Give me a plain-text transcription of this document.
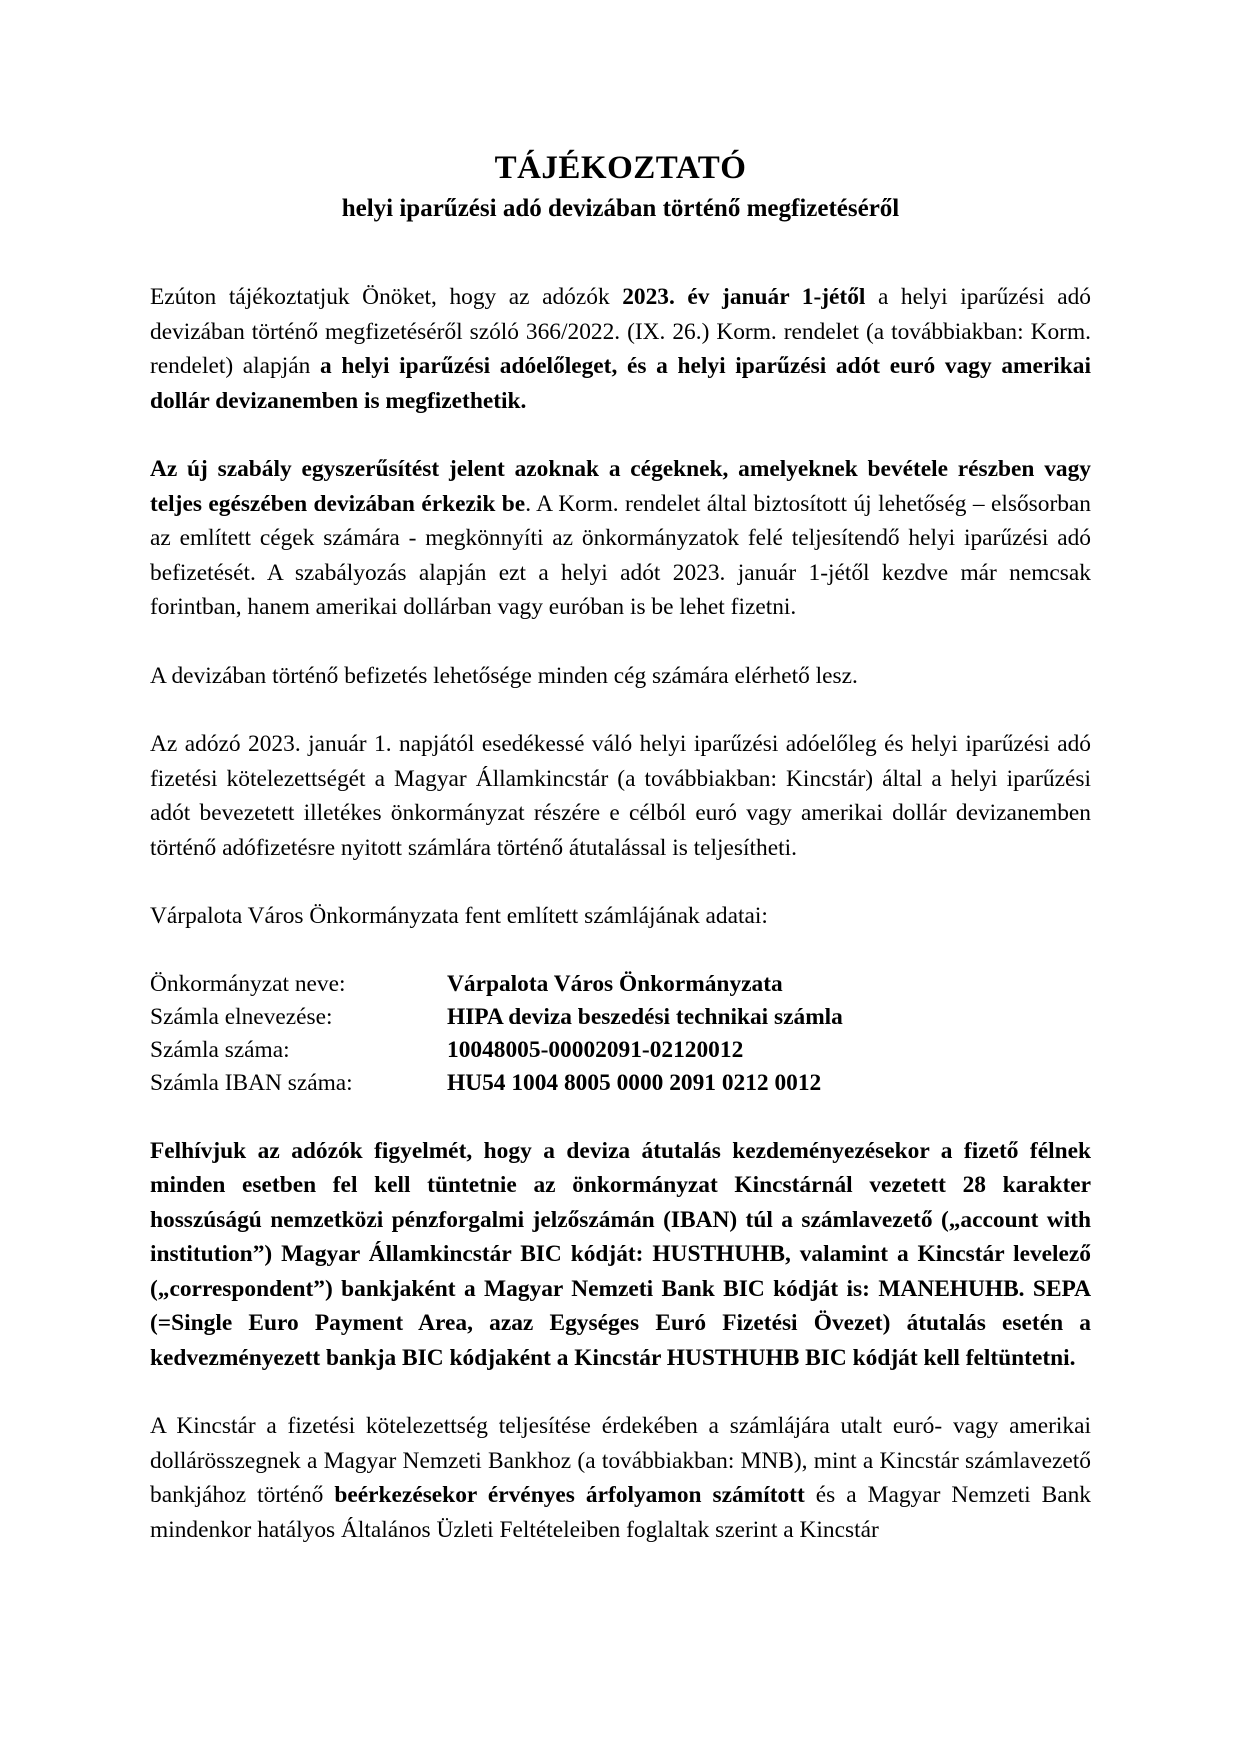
TÁJÉKOZTATÓ
helyi iparűzési adó devizában történő megfizetéséről

Ezúton tájékoztatjuk Önöket, hogy az adózók 2023. év január 1-jétől a helyi iparűzési adó devizában történő megfizetéséről szóló 366/2022. (IX. 26.) Korm. rendelet (a továbbiakban: Korm. rendelet) alapján a helyi iparűzési adóelőleget, és a helyi iparűzési adót euró vagy amerikai dollár devizanemben is megfizethetik.

Az új szabály egyszerűsítést jelent azoknak a cégeknek, amelyeknek bevétele részben vagy teljes egészében devizában érkezik be. A Korm. rendelet által biztosított új lehetőség – elsősorban az említett cégek számára - megkönnyíti az önkormányzatok felé teljesítendő helyi iparűzési adó befizetését. A szabályozás alapján ezt a helyi adót 2023. január 1-jétől kezdve már nemcsak forintban, hanem amerikai dollárban vagy euróban is be lehet fizetni.

A devizában történő befizetés lehetősége minden cég számára elérhető lesz.

Az adózó 2023. január 1. napjától esedékessé váló helyi iparűzési adóelőleg és helyi iparűzési adó fizetési kötelezettségét a Magyar Államkincstár (a továbbiakban: Kincstár) által a helyi iparűzési adót bevezetett illetékes önkormányzat részére e célból euró vagy amerikai dollár devizanemben történő adófizetésre nyitott számlára történő átutalással is teljesítheti.

Várpalota Város Önkormányzata fent említett számlájának adatai:

Önkormányzat neve:	Várpalota Város Önkormányzata
Számla elnevezése:	HIPA deviza beszedési technikai számla
Számla száma:	10048005-00002091-02120012
Számla IBAN száma:	HU54 1004 8005 0000 2091 0212 0012

Felhívjuk az adózók figyelmét, hogy a deviza átutalás kezdeményezésekor a fizető félnek minden esetben fel kell tüntetnie az önkormányzat Kincstárnál vezetett 28 karakter hosszúságú nemzetközi pénzforgalmi jelzőszámán (IBAN) túl a számlavezető („account with institution”) Magyar Államkincstár BIC kódját: HUSTHUHB, valamint a Kincstár levelező („correspondent”) bankjaként a Magyar Nemzeti Bank BIC kódját is: MANEHUHB. SEPA (=Single Euro Payment Area, azaz Egységes Euró Fizetési Övezet) átutalás esetén a kedvezményezett bankja BIC kódjaként a Kincstár HUSTHUHB BIC kódját kell feltüntetni.

A Kincstár a fizetési kötelezettség teljesítése érdekében a számlájára utalt euró- vagy amerikai dollárösszegnek a Magyar Nemzeti Bankhoz (a továbbiakban: MNB), mint a Kincstár számlavezető bankjához történő beérkezésekor érvényes árfolyamon számított és a Magyar Nemzeti Bank mindenkor hatályos Általános Üzleti Feltételeiben foglaltak szerint a Kincstár
